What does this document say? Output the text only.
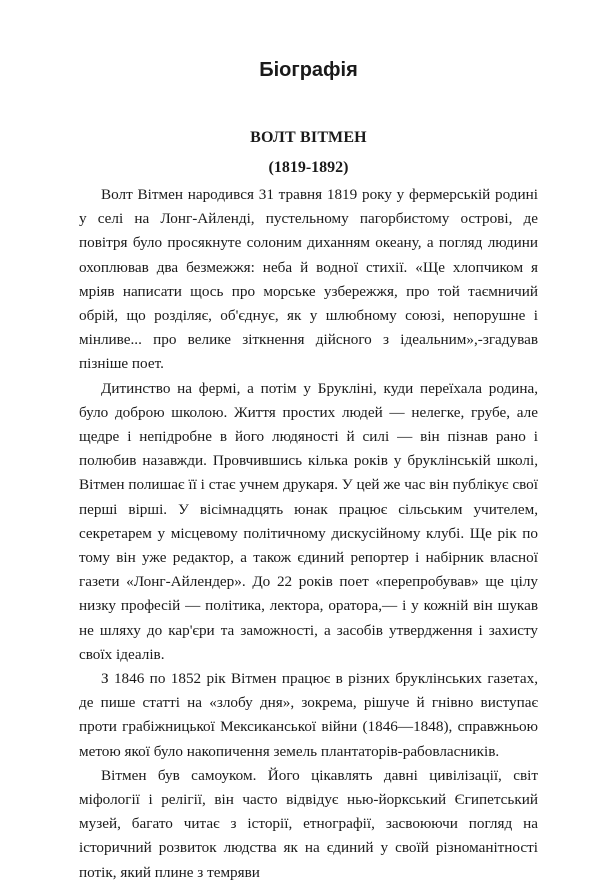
Біографія
ВОЛТ ВІТМЕН
(1819-1892)

Волт Вітмен народився 31 травня 1819 року у фермерській родині у селі на Лонг-Айленді, пустельному пагорбистому острові, де повітря було просякнуте солоним диханням океану, а погляд людини охоплював два безмежжя: неба й водної стихії. «Ще хлопчиком я мріяв написати щось про морське узбережжя, про той таємничий обрій, що розділяє, об'єднує, як у шлюбному союзі, непорушне і мінливе... про велике зіткнення дійсного з ідеальним»,-згадував пізніше поет.

Дитинство на фермі, а потім у Брукліні, куди переїхала родина, було доброю школою. Життя простих людей — нелегке, грубе, але щедре і непідробне в його людяності й силі — він пізнав рано і полюбив назавжди. Провчившись кілька років у бруклінській школі, Вітмен полишає її і стає учнем друкаря. У цей же час він публікує свої перші вірші. У вісімнадцять юнак працює сільським учителем, секретарем у місцевому політичному дискусійному клубі. Ще рік по тому він уже редактор, а також єдиний репортер і набірник власної газети «Лонг-Айлендер». До 22 років поет «перепробував» ще цілу низку професій — політика, лектора, оратора,— і у кожній він шукав не шляху до кар'єри та заможності, а засобів утвердження і захисту своїх ідеалів.

З 1846 по 1852 рік Вітмен працює в різних бруклінських газетах, де пише статті на «злобу дня», зокрема, рішуче й гнівно виступає проти грабіжницької Мексиканської війни (1846—1848), справжньою метою якої було накопичення земель плантаторів-рабовласників.

Вітмен був самоуком. Його цікавлять давні цивілізації, світ міфології і релігії, він часто відвідує нью-йоркський Єгипетський музей, багато читає з історії, етнографії, засвоюючи погляд на історичний розвиток людства як на єдиний у своїй різноманітності потік, який плине з темряви
